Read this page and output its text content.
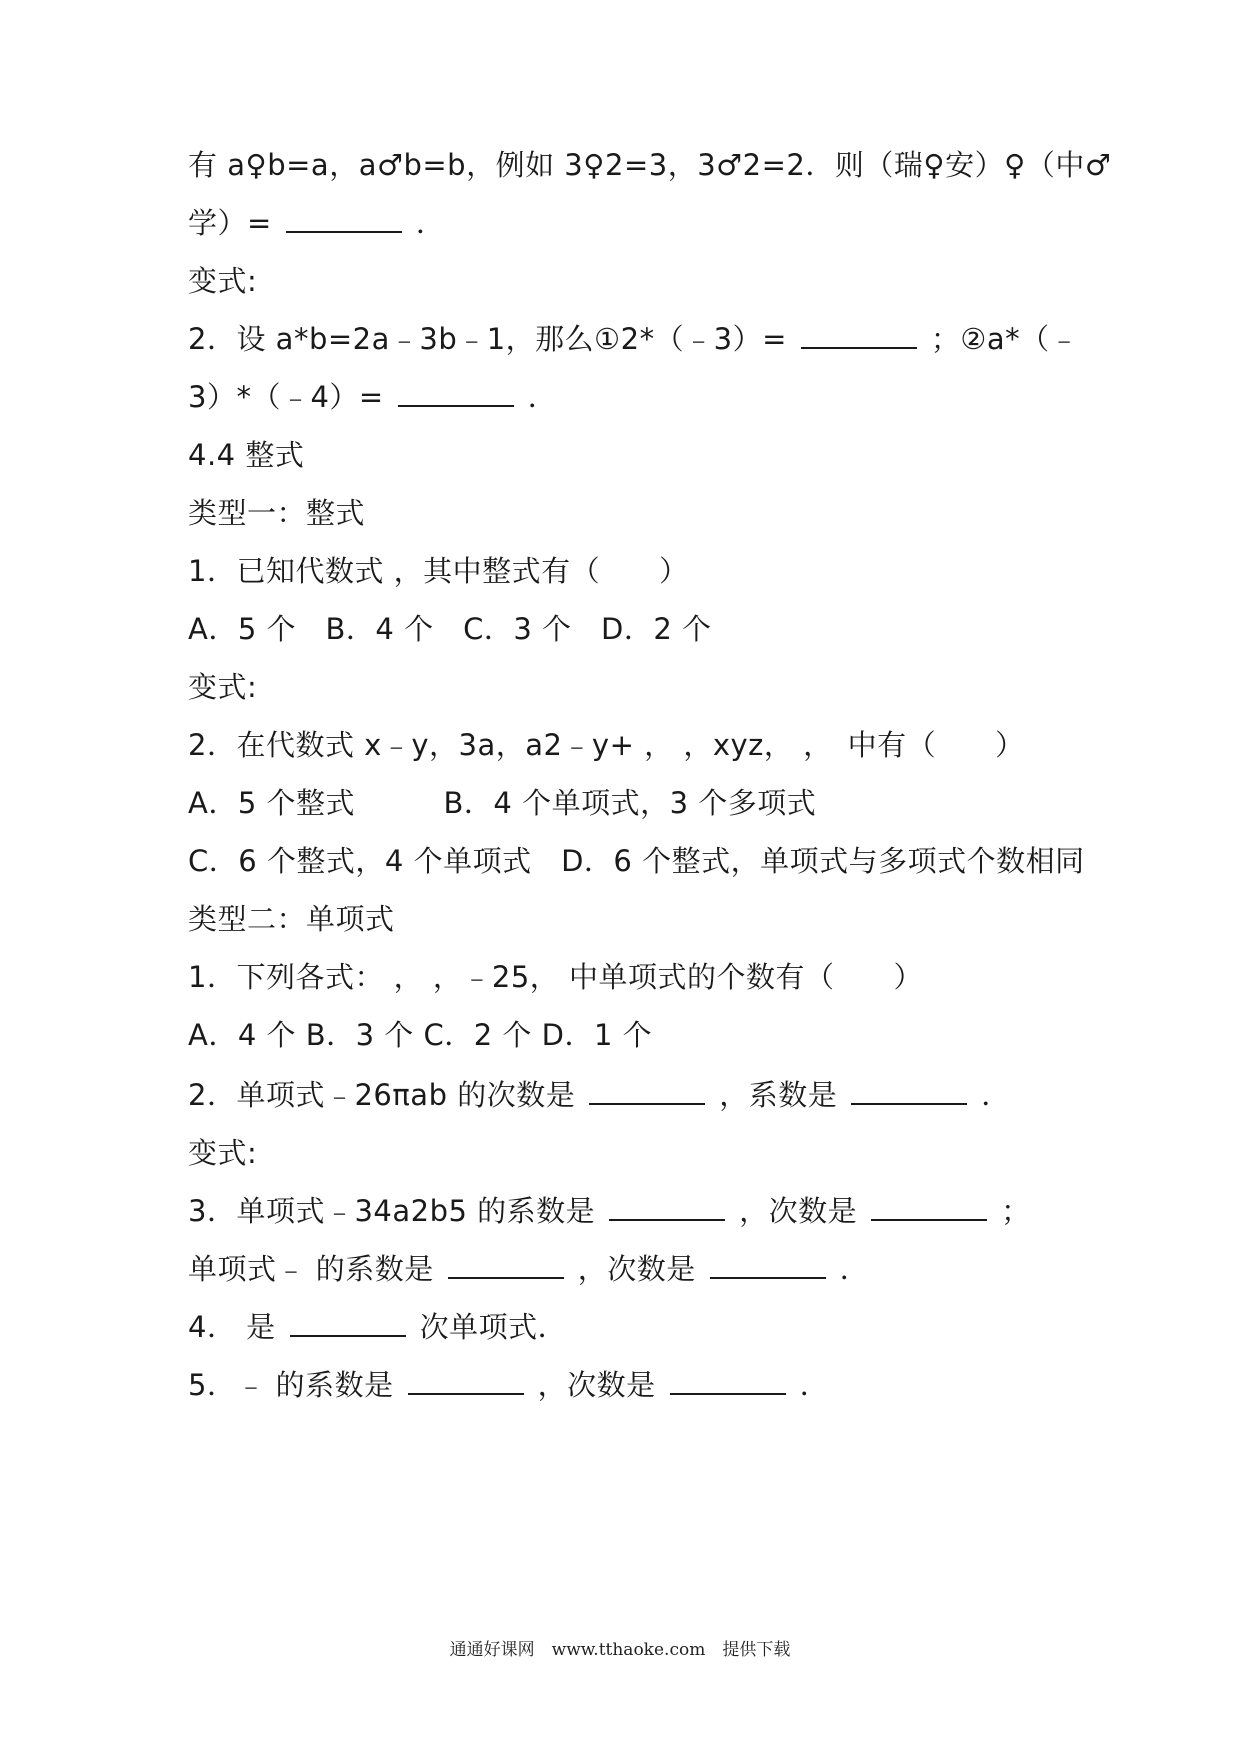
有 a♀b=a，a♂b=b，例如 3♀2=3，3♂2=2．则（瑞♀安）♀（中♂
学）=	．
变式:
2．设 a*b=2a﹣3b﹣1，那么①2*（﹣3）=	；②a*（﹣
3）*（﹣4）=	．
4.4 整式
类型一：整式
1．已知代数式 ，其中整式有（　　）
A．5 个　B．4 个　C．3 个　D．2 个
变式:
2．在代数式 x﹣y，3a，a2﹣y+ ， ，xyz， ，　中有（　　）
A．5 个整式　　　B．4 个单项式，3 个多项式
C．6 个整式，4 个单项式　D．6 个整式，单项式与多项式个数相同
类型二：单项式
1．下列各式： ， ，﹣25， 中单项式的个数有（　　）
A．4 个 B．3 个 C．2 个 D．1 个
2．单项式﹣26πab 的次数是	，系数是	．
变式:
3．单项式﹣34a2b5 的系数是	，次数是	；
单项式﹣ 的系数是	，次数是	．
4． 是	次单项式．
5．﹣ 的系数是	，次数是	．
通通好课网　www.tthaoke.com　提供下载
